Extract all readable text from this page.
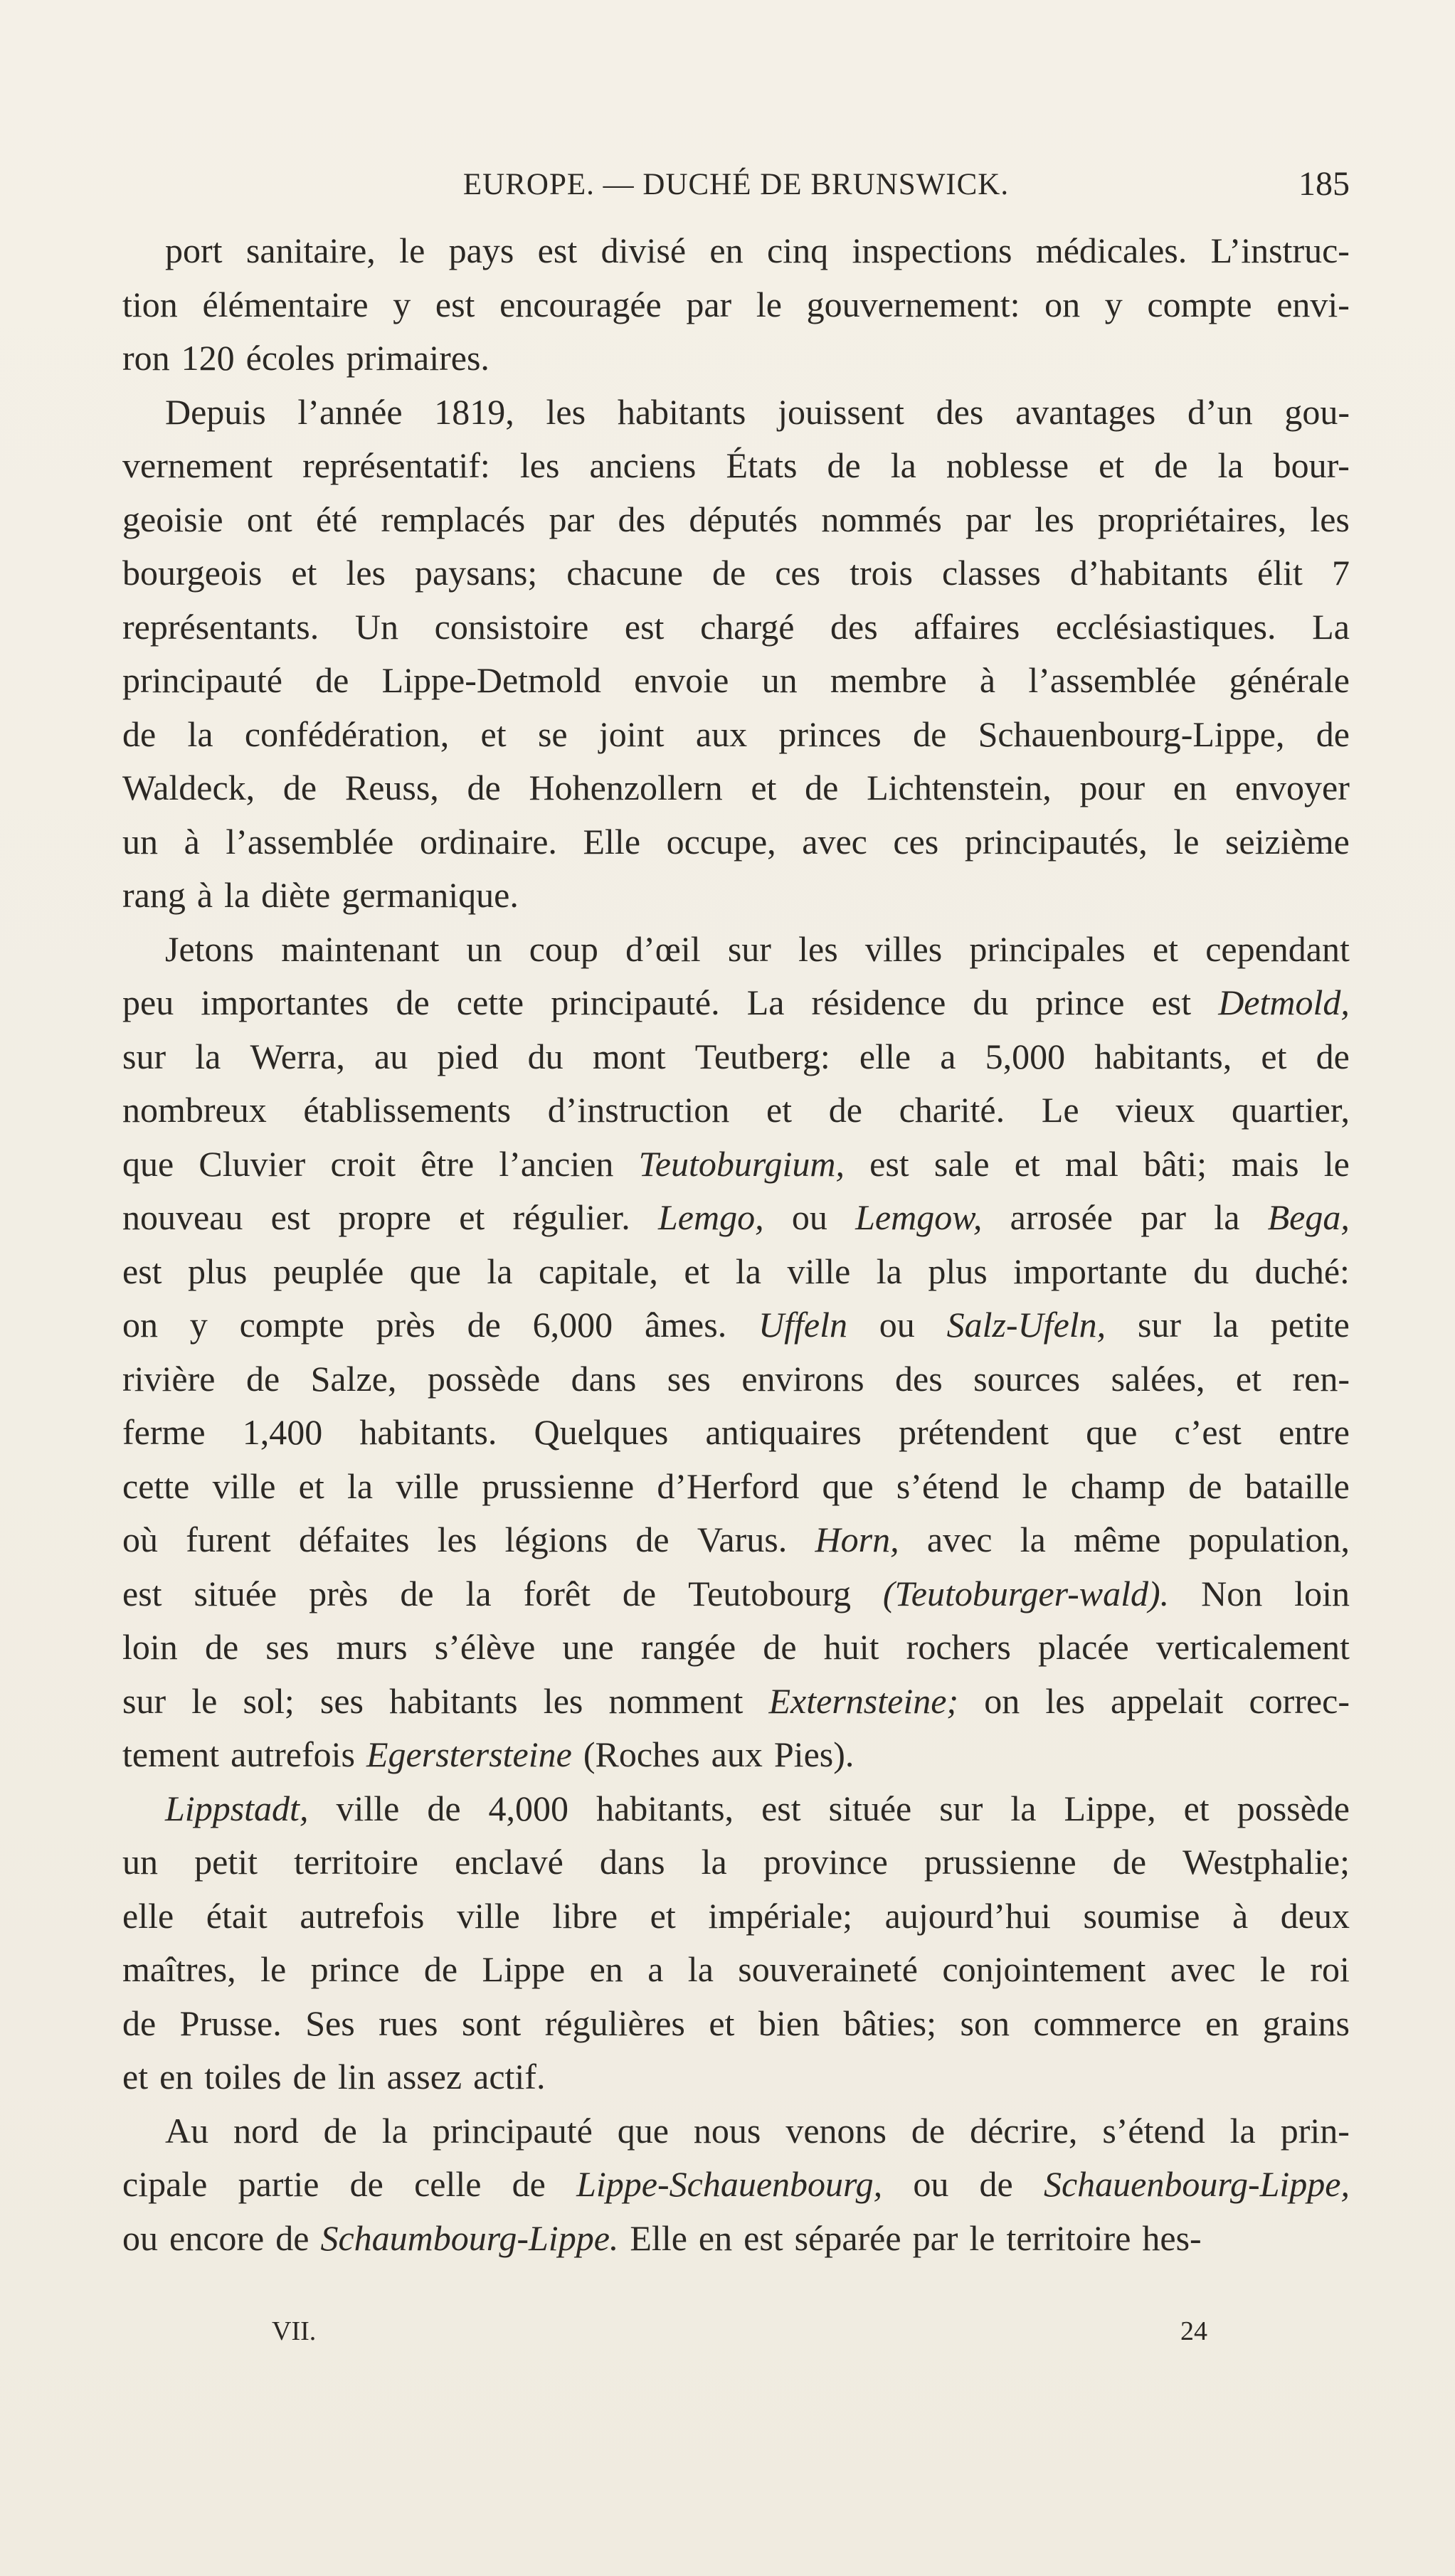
EUROPE. — DUCHÉ DE BRUNSWICK.	185
port sanitaire, le pays est divisé en cinq inspections médicales. L’instruc-
tion élémentaire y est encouragée par le gouvernement: on y compte envi-
ron 120 écoles primaires.
Depuis l’année 1819, les habitants jouissent des avantages d’un gou-
vernement représentatif: les anciens États de la noblesse et de la bour-
geoisie ont été remplacés par des députés nommés par les propriétaires, les
bourgeois et les paysans; chacune de ces trois classes d’habitants élit 7
représentants. Un consistoire est chargé des affaires ecclésiastiques. La
principauté de Lippe-Detmold envoie un membre à l’assemblée générale
de la confédération, et se joint aux princes de Schauenbourg-Lippe, de
Waldeck, de Reuss, de Hohenzollern et de Lichtenstein, pour en envoyer
un à l’assemblée ordinaire. Elle occupe, avec ces principautés, le seizième
rang à la diète germanique.
Jetons maintenant un coup d’œil sur les villes principales et cependant
peu importantes de cette principauté. La résidence du prince est Detmold,
sur la Werra, au pied du mont Teutberg: elle a 5,000 habitants, et de
nombreux établissements d’instruction et de charité. Le vieux quartier,
que Cluvier croit être l’ancien Teutoburgium, est sale et mal bâti; mais le
nouveau est propre et régulier. Lemgo, ou Lemgow, arrosée par la Bega,
est plus peuplée que la capitale, et la ville la plus importante du duché:
on y compte près de 6,000 âmes. Uffeln ou Salz-Ufeln, sur la petite
rivière de Salze, possède dans ses environs des sources salées, et ren-
ferme 1,400 habitants. Quelques antiquaires prétendent que c’est entre
cette ville et la ville prussienne d’Herford que s’étend le champ de bataille
où furent défaites les légions de Varus. Horn, avec la même population,
est située près de la forêt de Teutobourg (Teutoburger-wald). Non loin
loin de ses murs s’élève une rangée de huit rochers placée verticalement
sur le sol; ses habitants les nomment Externsteine; on les appelait correc-
tement autrefois Egerstersteine (Roches aux Pies).
Lippstadt, ville de 4,000 habitants, est située sur la Lippe, et possède
un petit territoire enclavé dans la province prussienne de Westphalie;
elle était autrefois ville libre et impériale; aujourd’hui soumise à deux
maîtres, le prince de Lippe en a la souveraineté conjointement avec le roi
de Prusse. Ses rues sont régulières et bien bâties; son commerce en grains
et en toiles de lin assez actif.
Au nord de la principauté que nous venons de décrire, s’étend la prin-
cipale partie de celle de Lippe-Schauenbourg, ou de Schauenbourg-Lippe,
ou encore de Schaumbourg-Lippe. Elle en est séparée par le territoire hes-
VII.	24
